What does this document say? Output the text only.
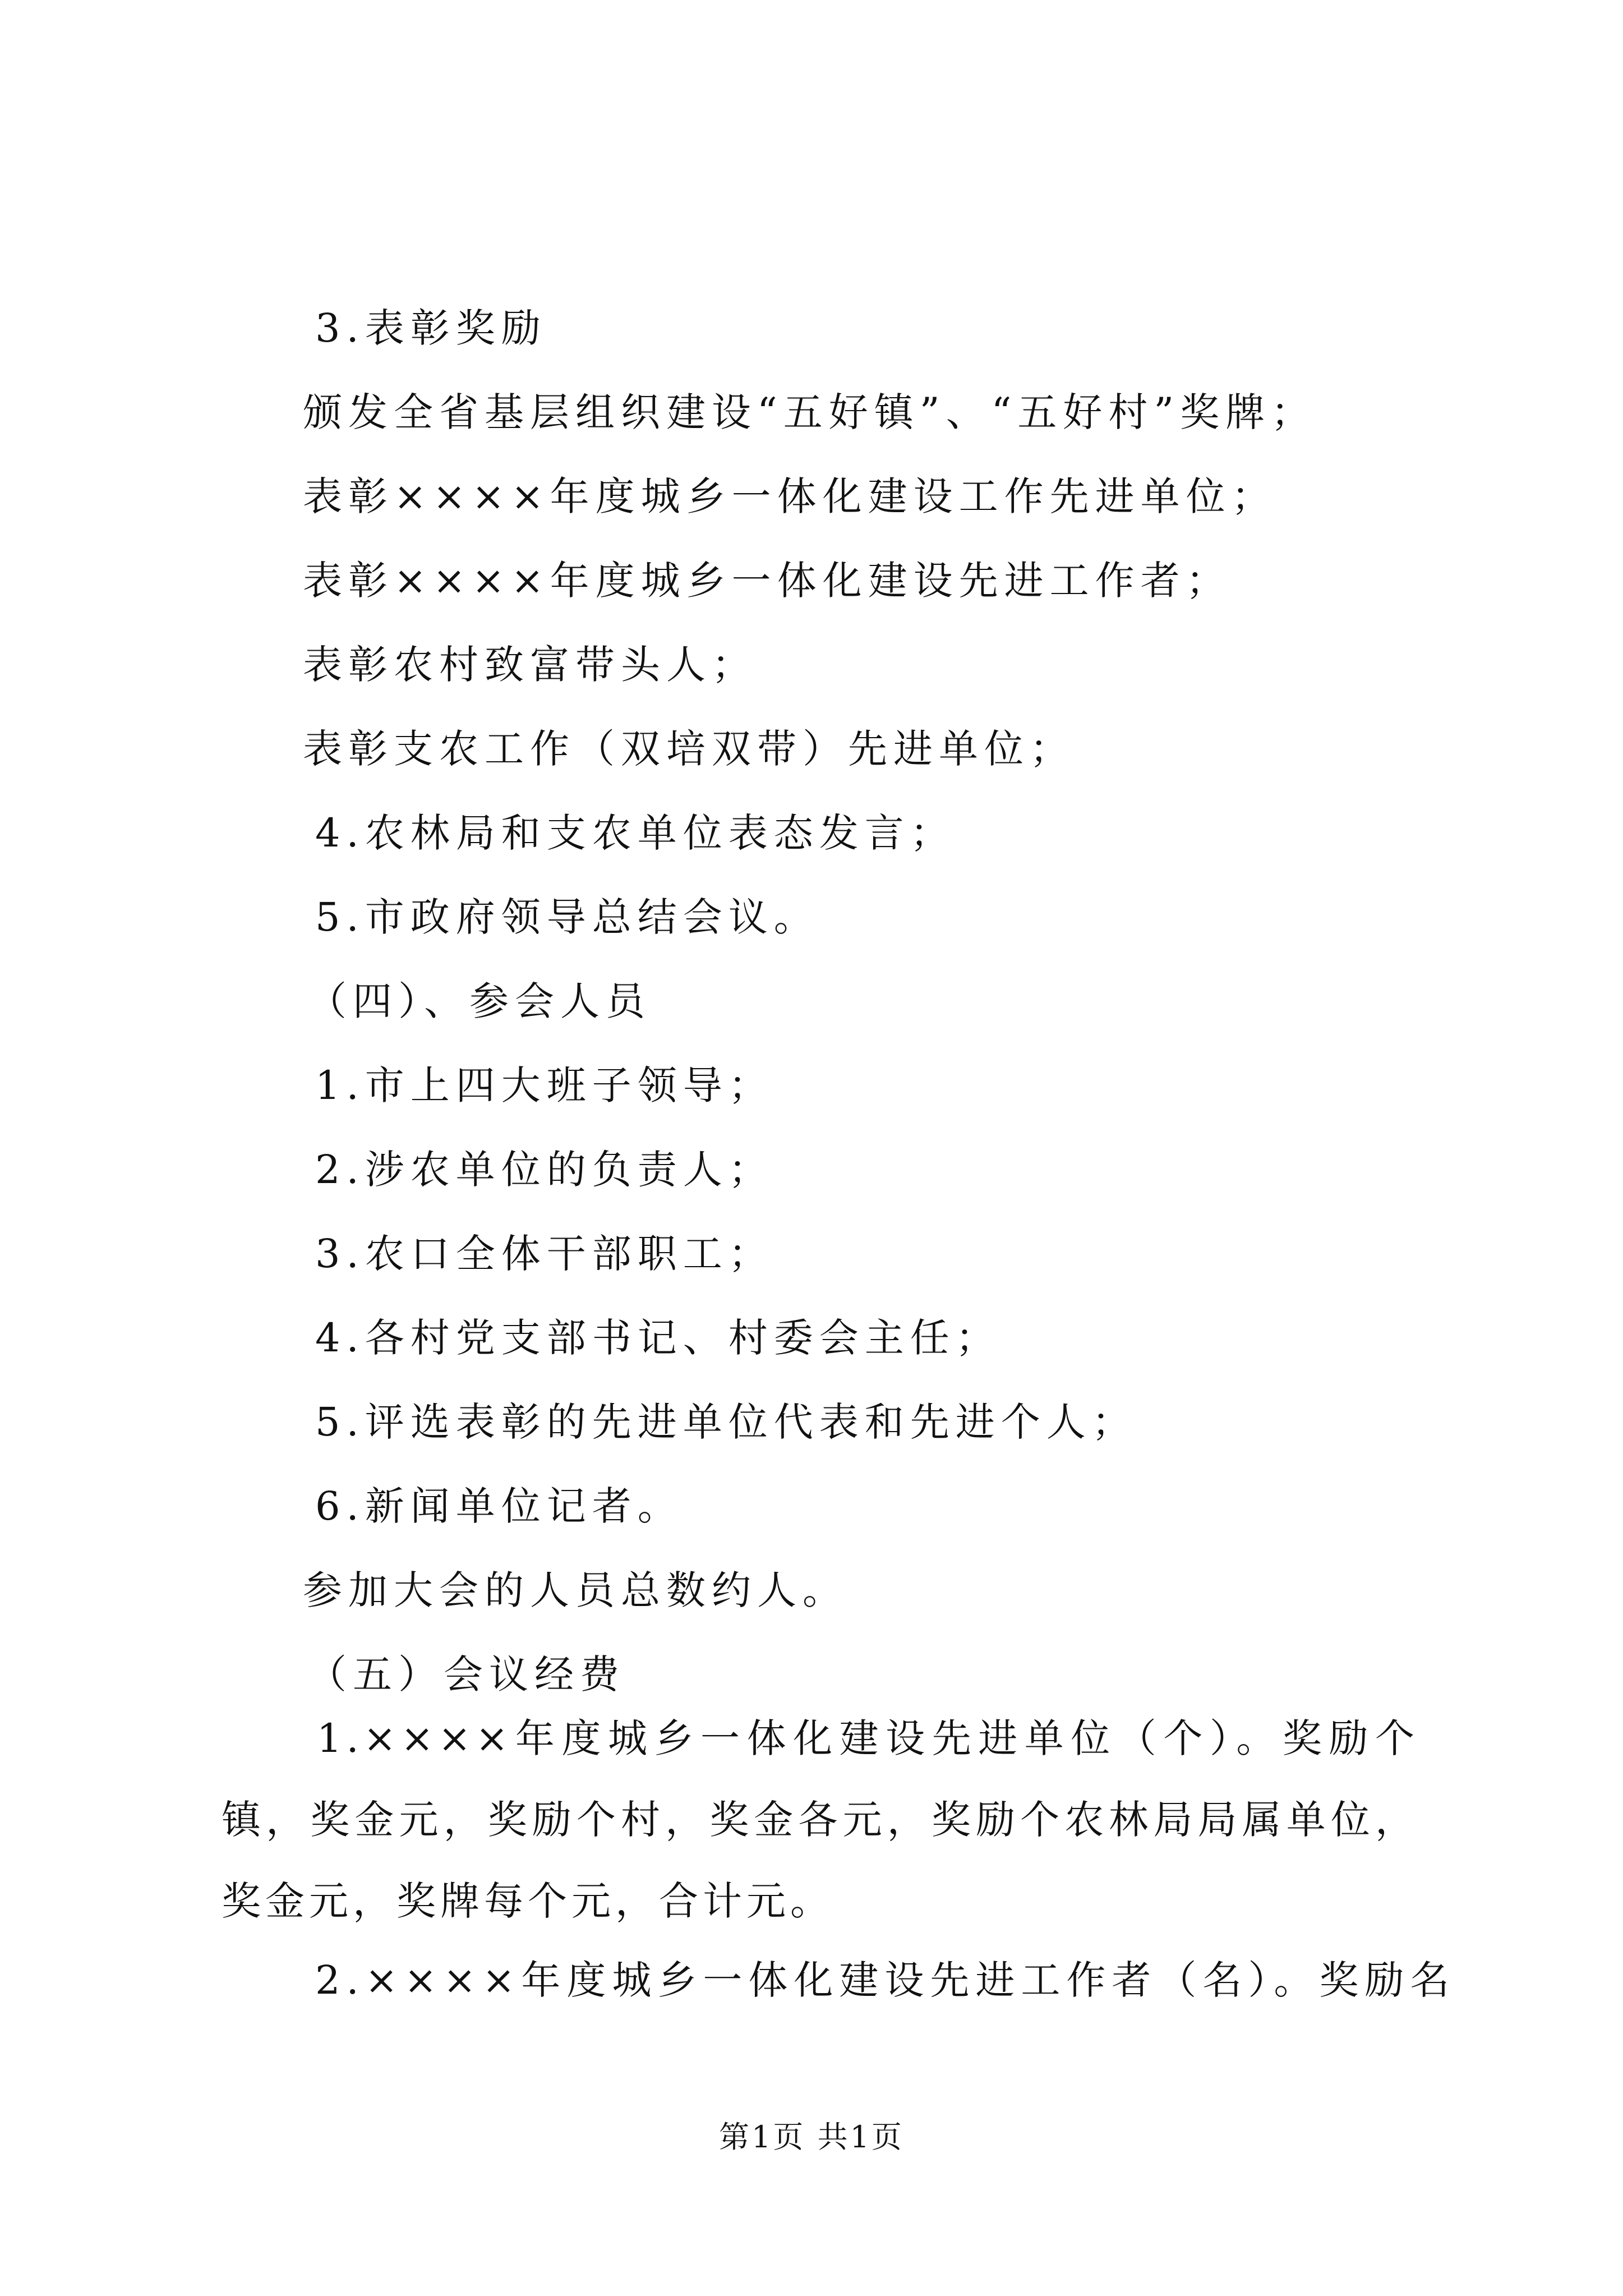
3.表彰奖励
颁发全省基层组织建设“五好镇”、“五好村”奖牌；
表彰××××年度城乡一体化建设工作先进单位；
表彰××××年度城乡一体化建设先进工作者；
表彰农村致富带头人；
表彰支农工作（双培双带）先进单位；
4.农林局和支农单位表态发言；
5.市政府领导总结会议。
（四）、参会人员
1.市上四大班子领导；
2.涉农单位的负责人；
3.农口全体干部职工；
4.各村党支部书记、村委会主任；
5.评选表彰的先进单位代表和先进个人；
6.新闻单位记者。
参加大会的人员总数约人。
（五）会议经费

1.××××年度城乡一体化建设先进单位（个）。奖励个镇，奖金元，奖励个村，奖金各元，奖励个农林局局属单位，奖金元，奖牌每个元，合计元。

2.××××年度城乡一体化建设先进工作者（名）。奖励名
第1页 共1页
